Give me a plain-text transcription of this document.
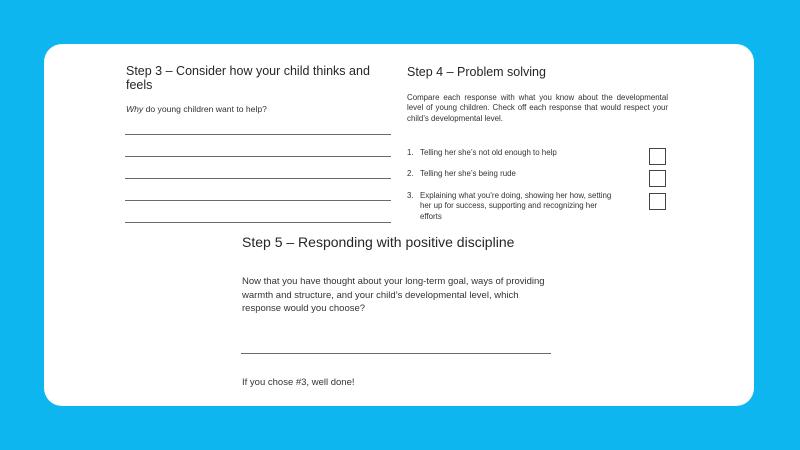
Step 3 – Consider how your child thinks and feels
Why do young children want to help?
Step 4 – Problem solving

Compare each response with what you know about the developmental level of young children. Check off each response that would respect your child’s developmental level.

1. Telling her she’s not old enough to help
2. Telling her she’s being rude
3. Explaining what you’re doing, showing her how, setting her up for success, supporting and recognizing her efforts
Step 5 – Responding with positive discipline

Now that you have thought about your long-term goal, ways of providing warmth and structure, and your child’s developmental level, which response would you choose?

If you chose #3, well done!
